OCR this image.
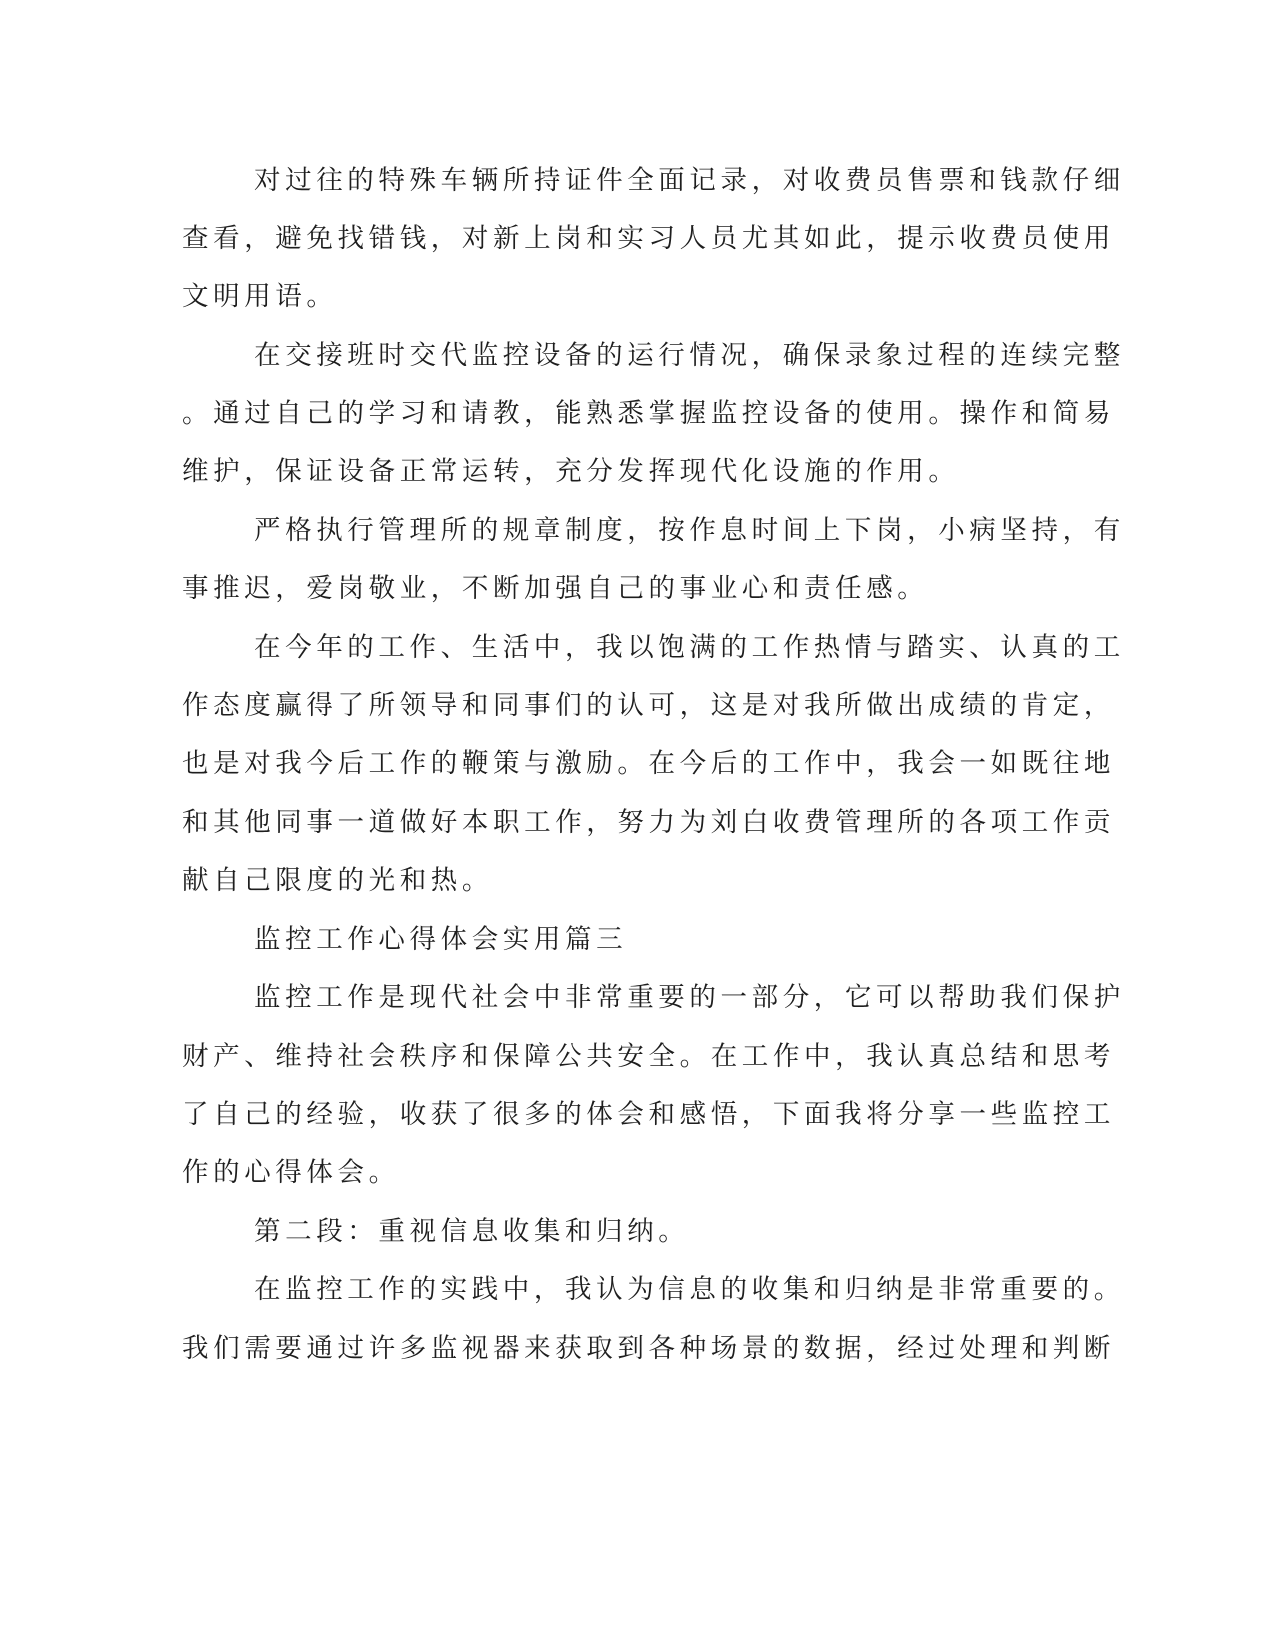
对过往的特殊车辆所持证件全面记录，对收费员售票和钱款仔细
查看，避免找错钱，对新上岗和实习人员尤其如此，提示收费员使用
文明用语。
在交接班时交代监控设备的运行情况，确保录象过程的连续完整
。通过自己的学习和请教，能熟悉掌握监控设备的使用。操作和简易
维护，保证设备正常运转，充分发挥现代化设施的作用。
严格执行管理所的规章制度，按作息时间上下岗，小病坚持，有
事推迟，爱岗敬业，不断加强自己的事业心和责任感。
在今年的工作、生活中，我以饱满的工作热情与踏实、认真的工
作态度赢得了所领导和同事们的认可，这是对我所做出成绩的肯定，
也是对我今后工作的鞭策与激励。在今后的工作中，我会一如既往地
和其他同事一道做好本职工作，努力为刘白收费管理所的各项工作贡
献自己限度的光和热。
监控工作心得体会实用篇三
监控工作是现代社会中非常重要的一部分，它可以帮助我们保护
财产、维持社会秩序和保障公共安全。在工作中，我认真总结和思考
了自己的经验，收获了很多的体会和感悟，下面我将分享一些监控工
作的心得体会。
第二段：重视信息收集和归纳。
在监控工作的实践中，我认为信息的收集和归纳是非常重要的。
我们需要通过许多监视器来获取到各种场景的数据，经过处理和判断
